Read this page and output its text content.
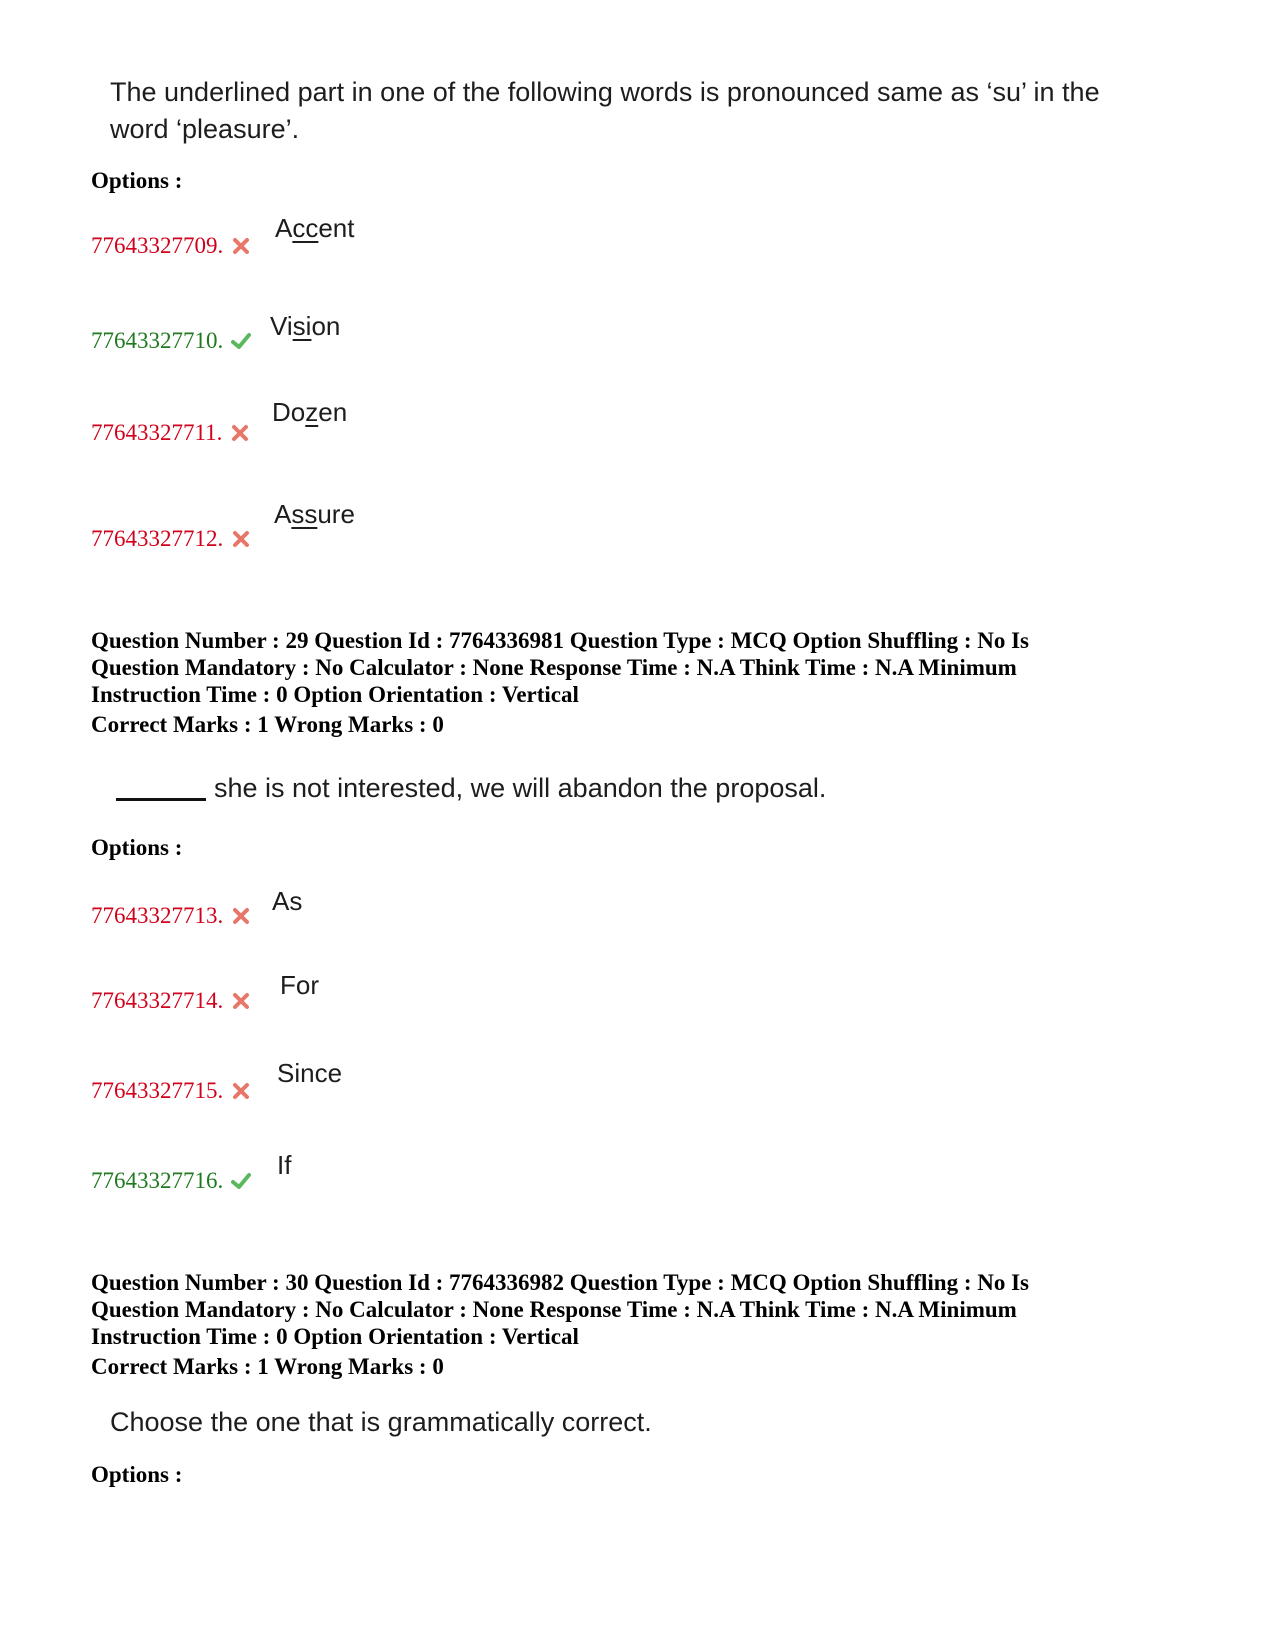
The underlined part in one of the following words is pronounced same as ‘su’ in the word ‘pleasure’.
Options :
77643327709.
Accent
77643327710. Vision
77643327711.
Dozen
77643327712.
Assure
Question Number : 29 Question Id : 7764336981 Question Type : MCQ Option Shuffling : No Is Question Mandatory : No Calculator : None Response Time : N.A Think Time : N.A Minimum Instruction Time : 0 Option Orientation : Vertical
Correct Marks : 1 Wrong Marks : 0
she is not interested, we will abandon the proposal.
Options :
77643327713. As
77643327714.
For
77643327715.
Since
77643327716.
If
Question Number : 30 Question Id : 7764336982 Question Type : MCQ Option Shuffling : No Is Question Mandatory : No Calculator : None Response Time : N.A Think Time : N.A Minimum Instruction Time : 0 Option Orientation : Vertical
Correct Marks : 1 Wrong Marks : 0
Choose the one that is grammatically correct.
Options :
